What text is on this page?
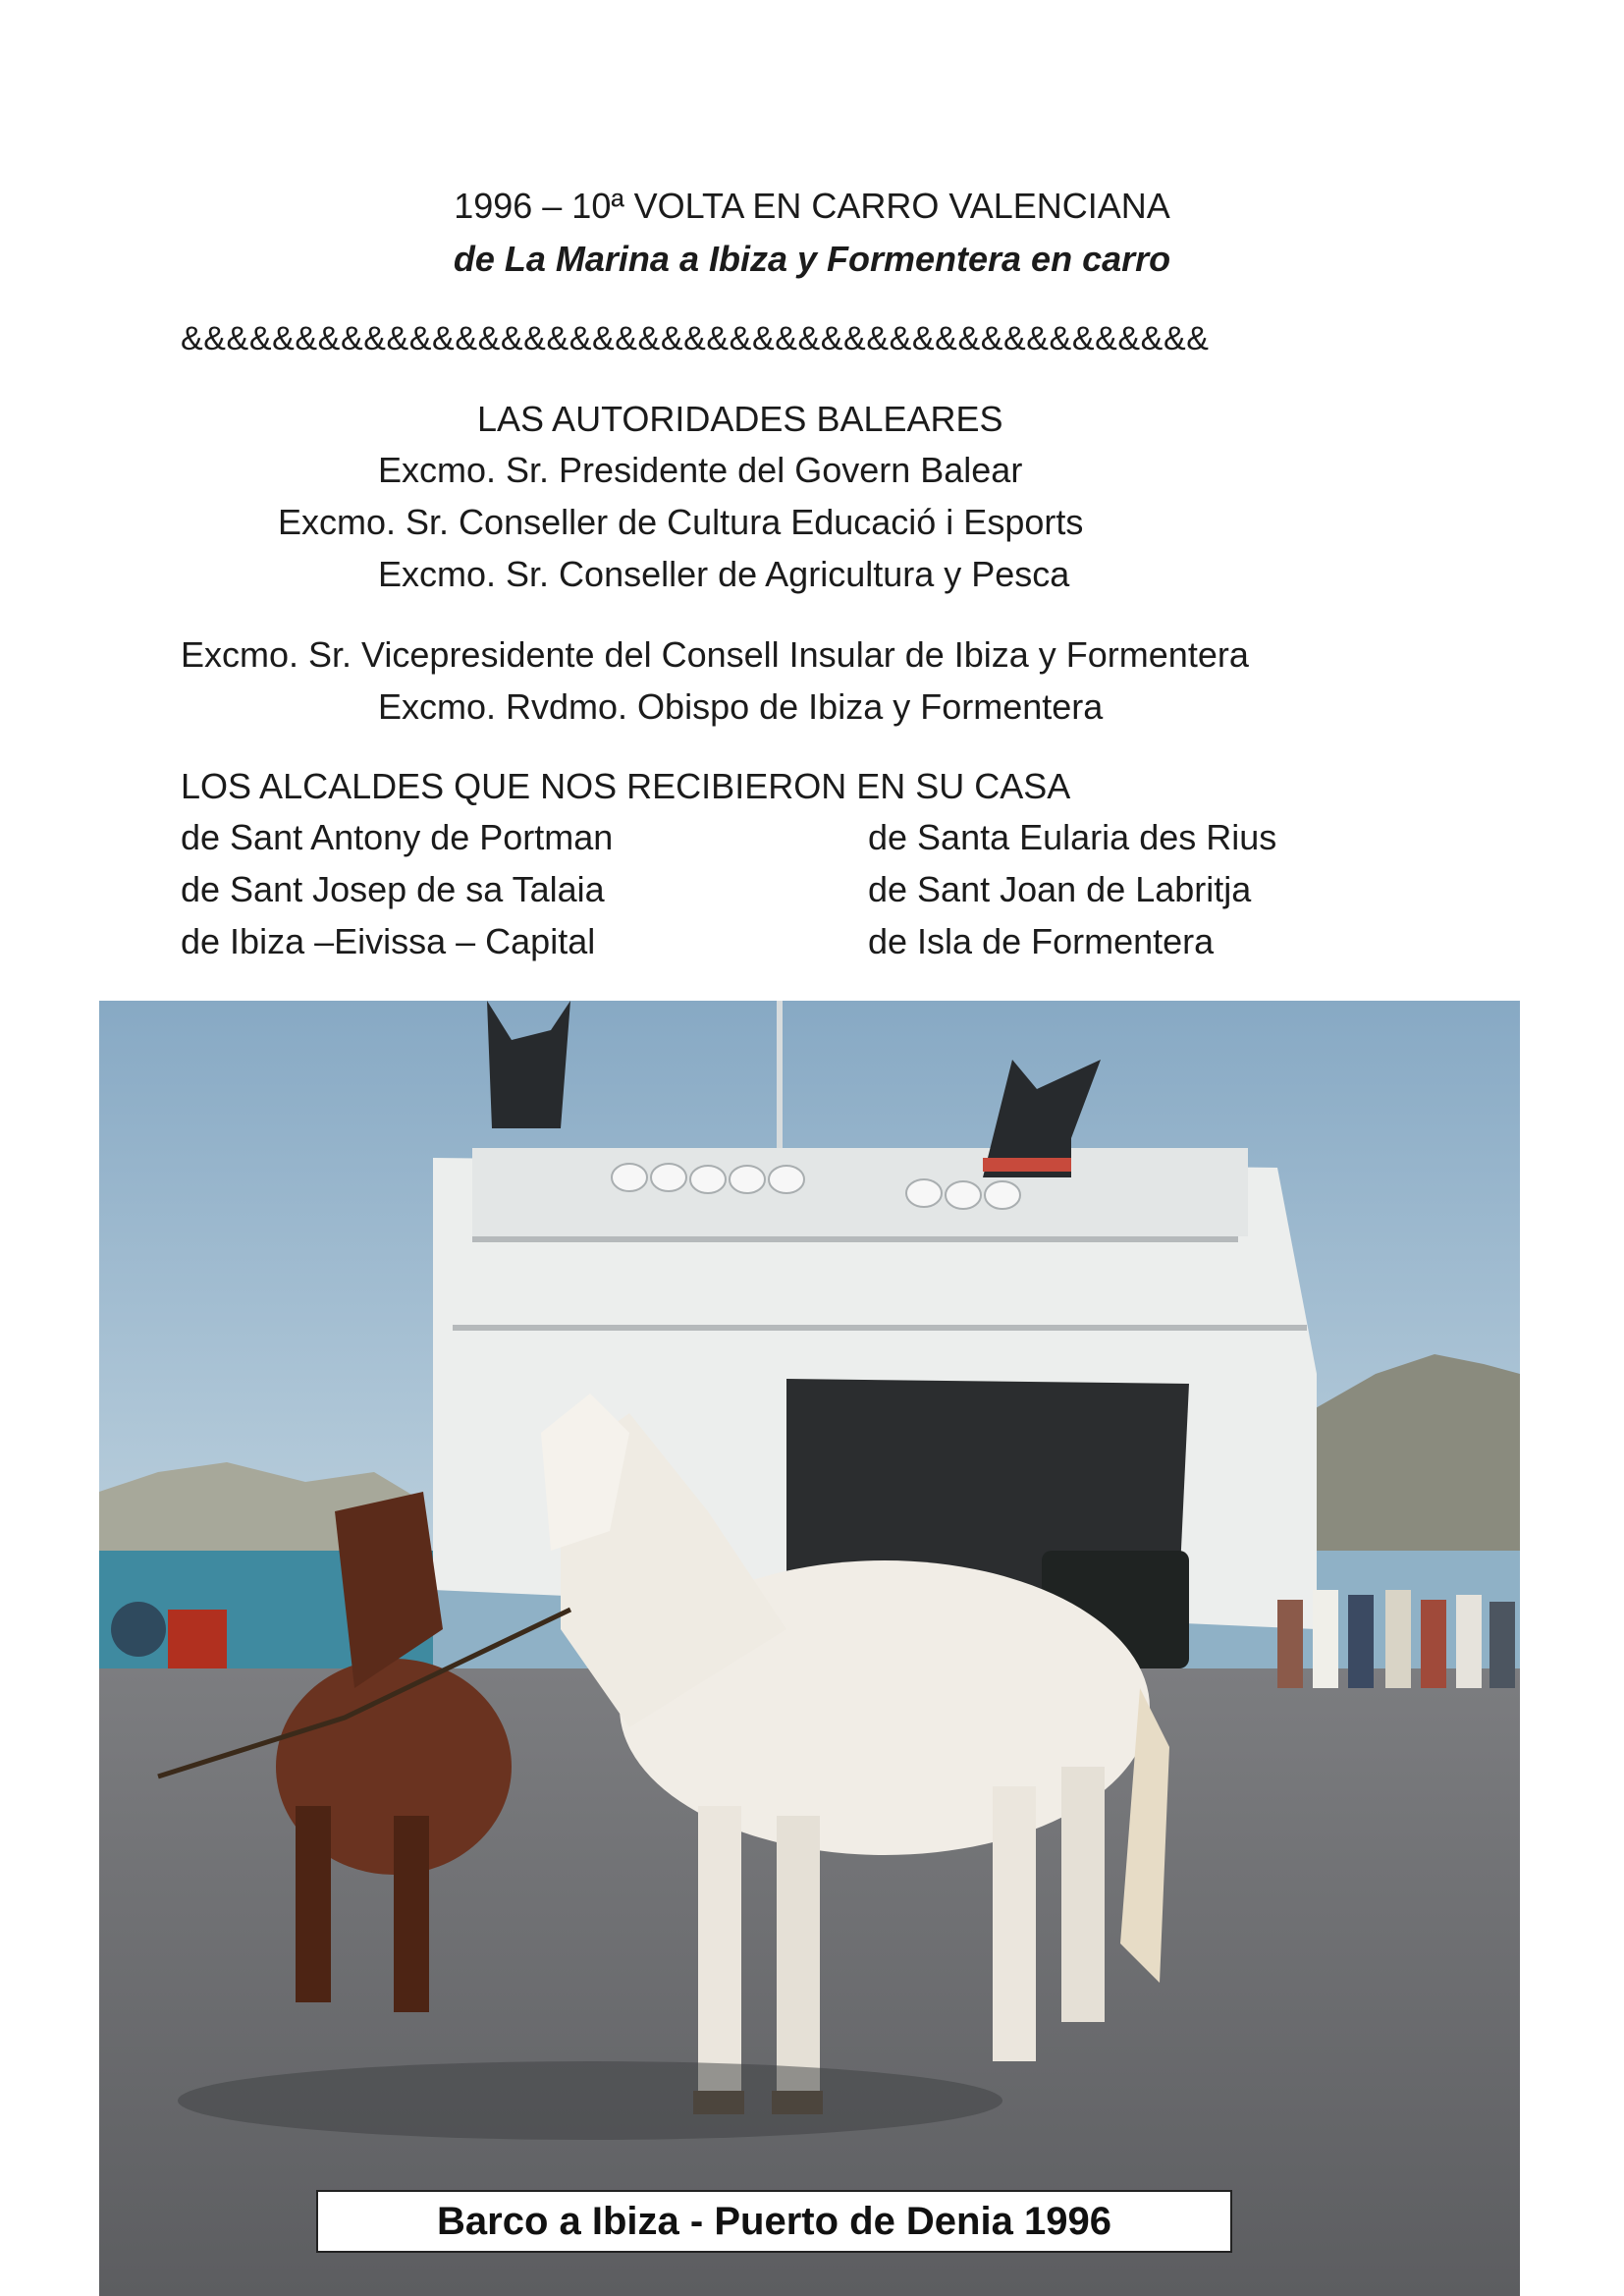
1996 – 10ª VOLTA EN CARRO VALENCIANA
de La Marina a Ibiza y Formentera en carro
&&&&&&&&&&&&&&&&&&&&&&&&&&&&&&&&&&&&&&&&&&&&&
LAS AUTORIDADES BALEARES
Excmo. Sr. Presidente del Govern Balear
Excmo. Sr. Conseller de Cultura Educació i Esports
Excmo. Sr. Conseller de Agricultura y Pesca
Excmo. Sr. Vicepresidente del Consell Insular de Ibiza y Formentera
Excmo. Rvdmo. Obispo de Ibiza y Formentera
LOS ALCALDES QUE NOS RECIBIERON EN SU CASA
de Sant Antony de Portman
de Sant Josep de sa Talaia
de Ibiza –Eivissa – Capital
de Santa Eularia des Rius
de Sant Joan de Labritja
de Isla de Formentera
Barco a Ibiza - Puerto de Denia 1996
